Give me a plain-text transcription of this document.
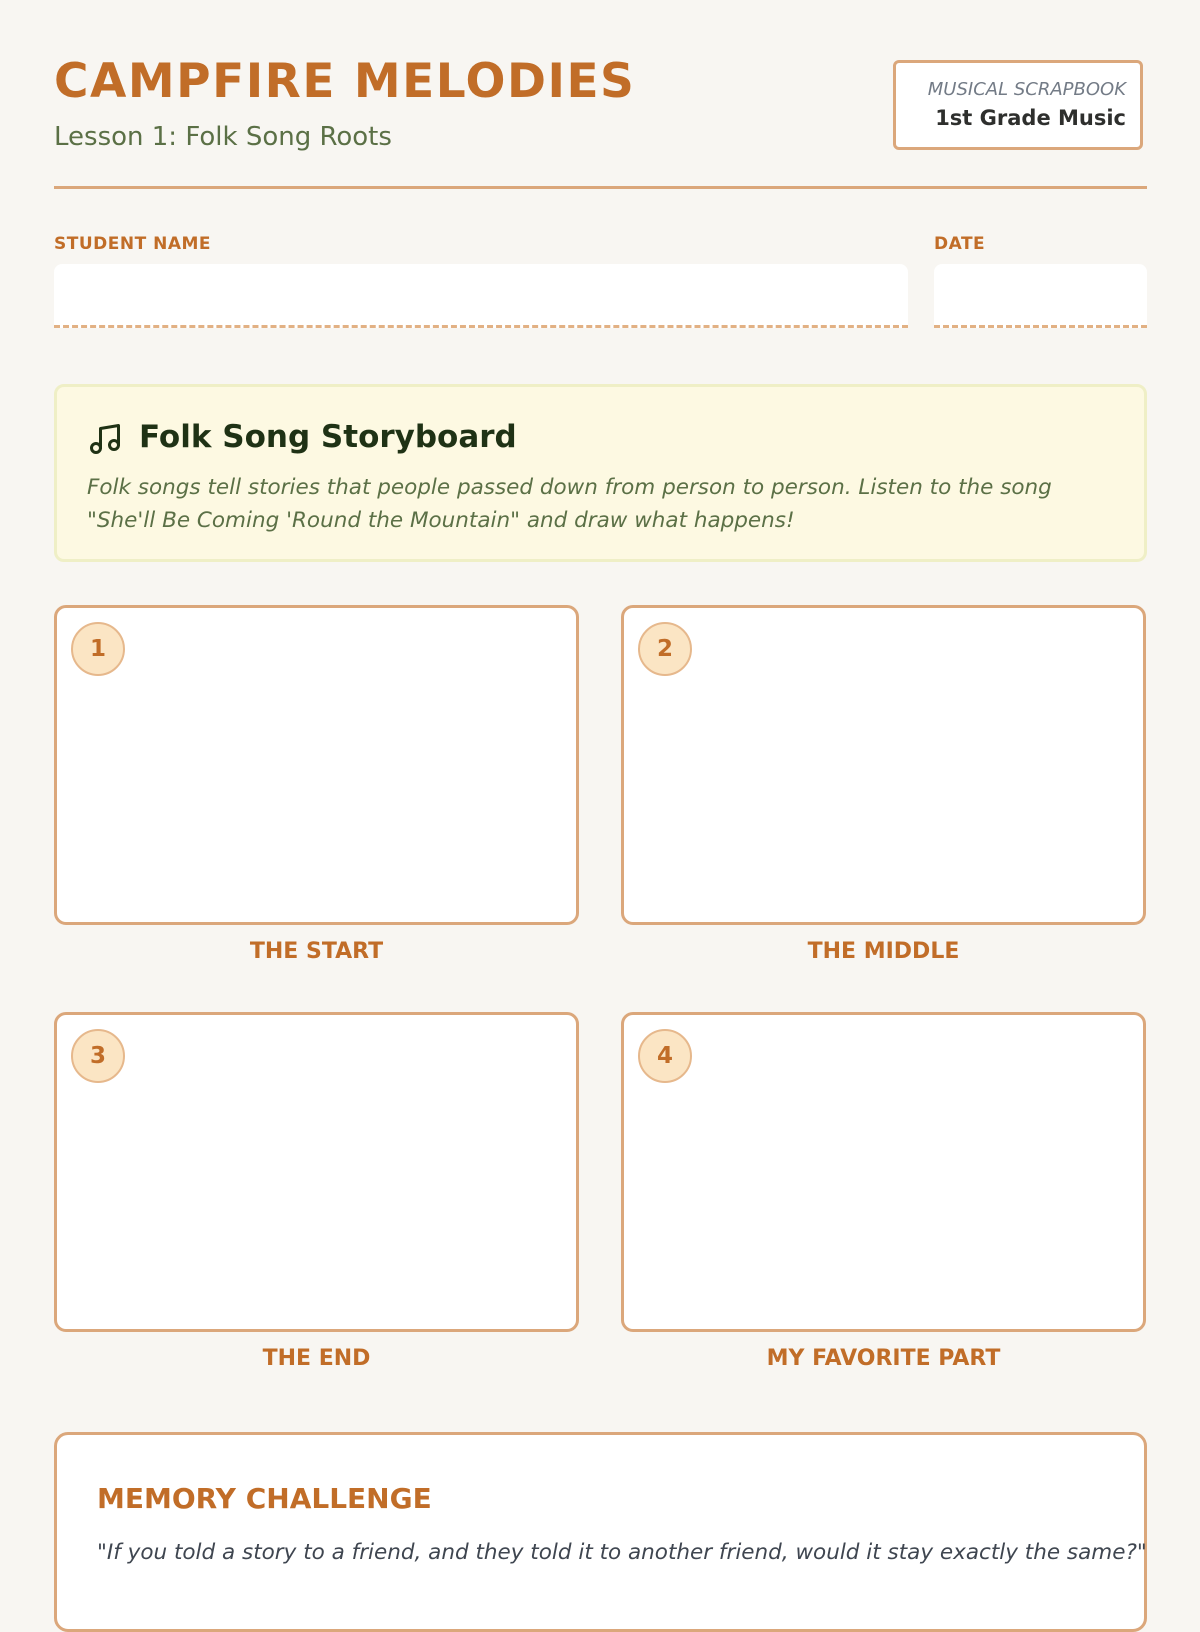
CAMPFIRE MELODIES
Lesson 1: Folk Song Roots
MUSICAL SCRAPBOOK
1st Grade Music
STUDENT NAME	DATE
Folk Song Storyboard
Folk songs tell stories that people passed down from person to person. Listen to the song "She'll Be Coming 'Round the Mountain" and draw what happens!
1
THE START
2
THE MIDDLE
3
THE END
4
MY FAVORITE PART
MEMORY CHALLENGE
"If you told a story to a friend, and they told it to another friend, would it stay exactly the same?"
